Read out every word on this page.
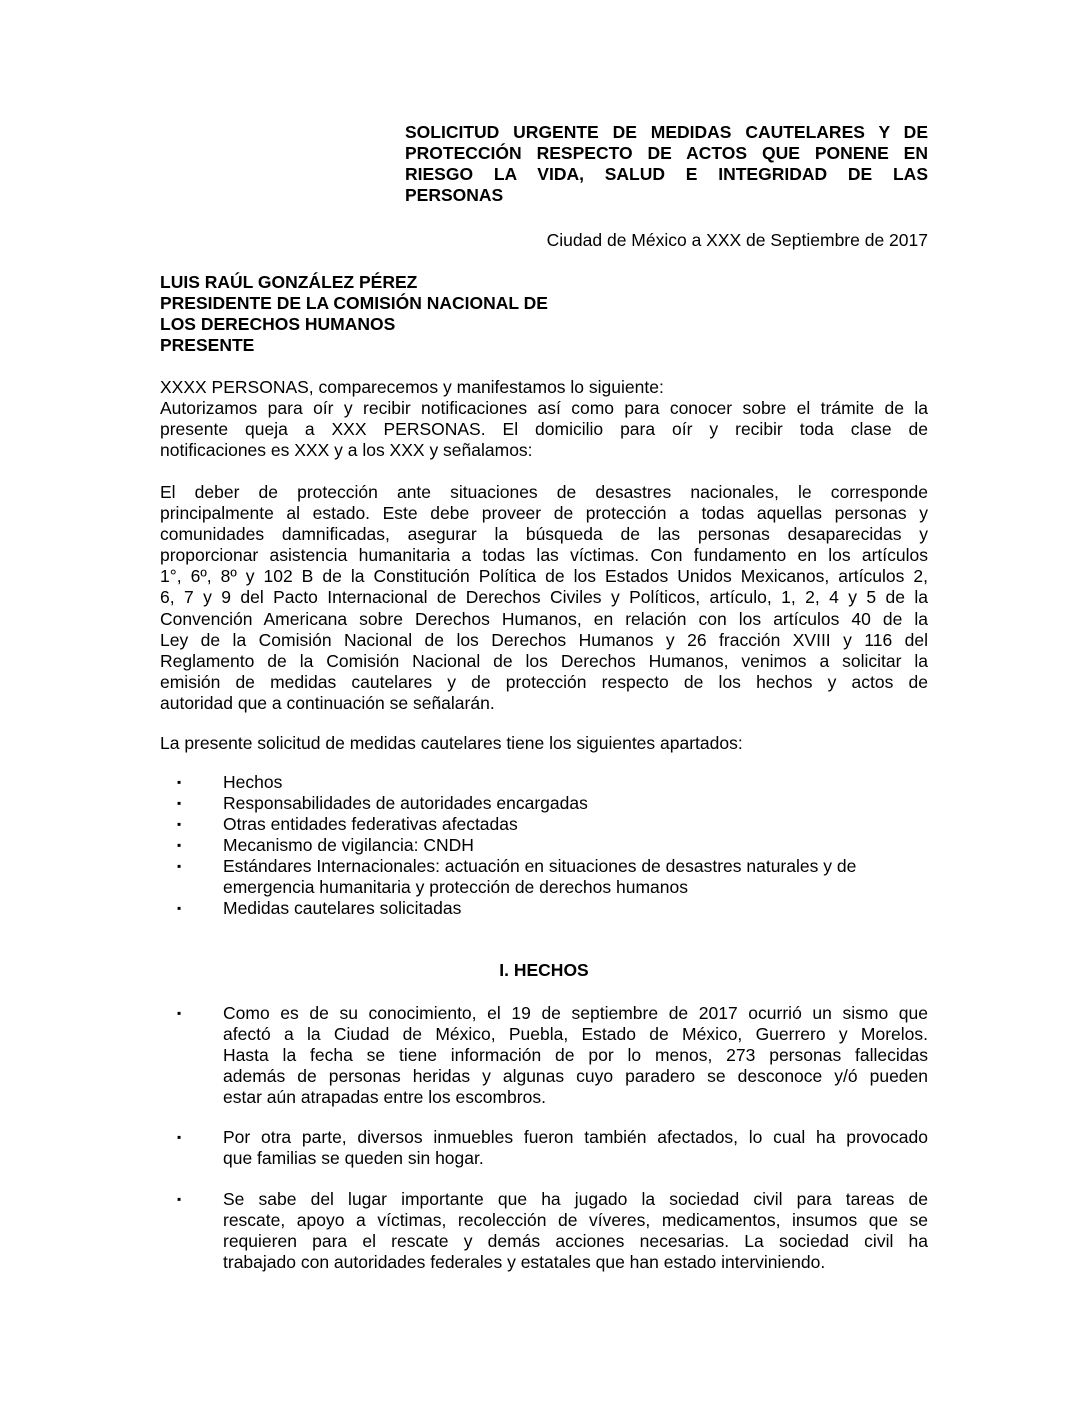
SOLICITUD URGENTE DE MEDIDAS CAUTELARES Y DE
PROTECCIÓN RESPECTO DE ACTOS QUE PONENE EN
RIESGO LA VIDA, SALUD E INTEGRIDAD DE LAS
PERSONAS
Ciudad de México a XXX de Septiembre de 2017
LUIS RAÚL GONZÁLEZ PÉREZ
PRESIDENTE DE LA COMISIÓN NACIONAL DE
LOS DERECHOS HUMANOS
PRESENTE
XXXX PERSONAS, comparecemos y manifestamos lo siguiente:
Autorizamos para oír y recibir notificaciones así como para conocer sobre el trámite de la
presente queja a XXX PERSONAS. El domicilio para oír y recibir toda clase de
notificaciones es XXX y a los XXX y señalamos:
El deber de protección ante situaciones de desastres nacionales, le corresponde
principalmente al estado. Este debe proveer de protección a todas aquellas personas y
comunidades damnificadas, asegurar la búsqueda de las personas desaparecidas y
proporcionar asistencia humanitaria a todas las víctimas. Con fundamento en los artículos
1°, 6º, 8º y 102 B de la Constitución Política de los Estados Unidos Mexicanos, artículos 2,
6, 7 y 9 del Pacto Internacional de Derechos Civiles y Políticos, artículo, 1, 2, 4 y 5 de la
Convención Americana sobre Derechos Humanos, en relación con los artículos 40 de la
Ley de la Comisión Nacional de los Derechos Humanos y 26 fracción XVIII y 116 del
Reglamento de la Comisión Nacional de los Derechos Humanos, venimos a solicitar la
emisión de medidas cautelares y de protección respecto de los hechos y actos de
autoridad que a continuación se señalarán.
La presente solicitud de medidas cautelares tiene los siguientes apartados:
▪ Hechos
▪ Responsabilidades de autoridades encargadas
▪ Otras entidades federativas afectadas
▪ Mecanismo de vigilancia: CNDH
▪ Estándares Internacionales: actuación en situaciones de desastres naturales y de
emergencia humanitaria y protección de derechos humanos
▪ Medidas cautelares solicitadas
I. HECHOS
▪ Como es de su conocimiento, el 19 de septiembre de 2017 ocurrió un sismo que
afectó a la Ciudad de México, Puebla, Estado de México, Guerrero y Morelos.
Hasta la fecha se tiene información de por lo menos, 273 personas fallecidas
además de personas heridas y algunas cuyo paradero se desconoce y/ó pueden
estar aún atrapadas entre los escombros.
▪ Por otra parte, diversos inmuebles fueron también afectados, lo cual ha provocado
que familias se queden sin hogar.
▪ Se sabe del lugar importante que ha jugado la sociedad civil para tareas de
rescate, apoyo a víctimas, recolección de víveres, medicamentos, insumos que se
requieren para el rescate y demás acciones necesarias. La sociedad civil ha
trabajado con autoridades federales y estatales que han estado interviniendo.
